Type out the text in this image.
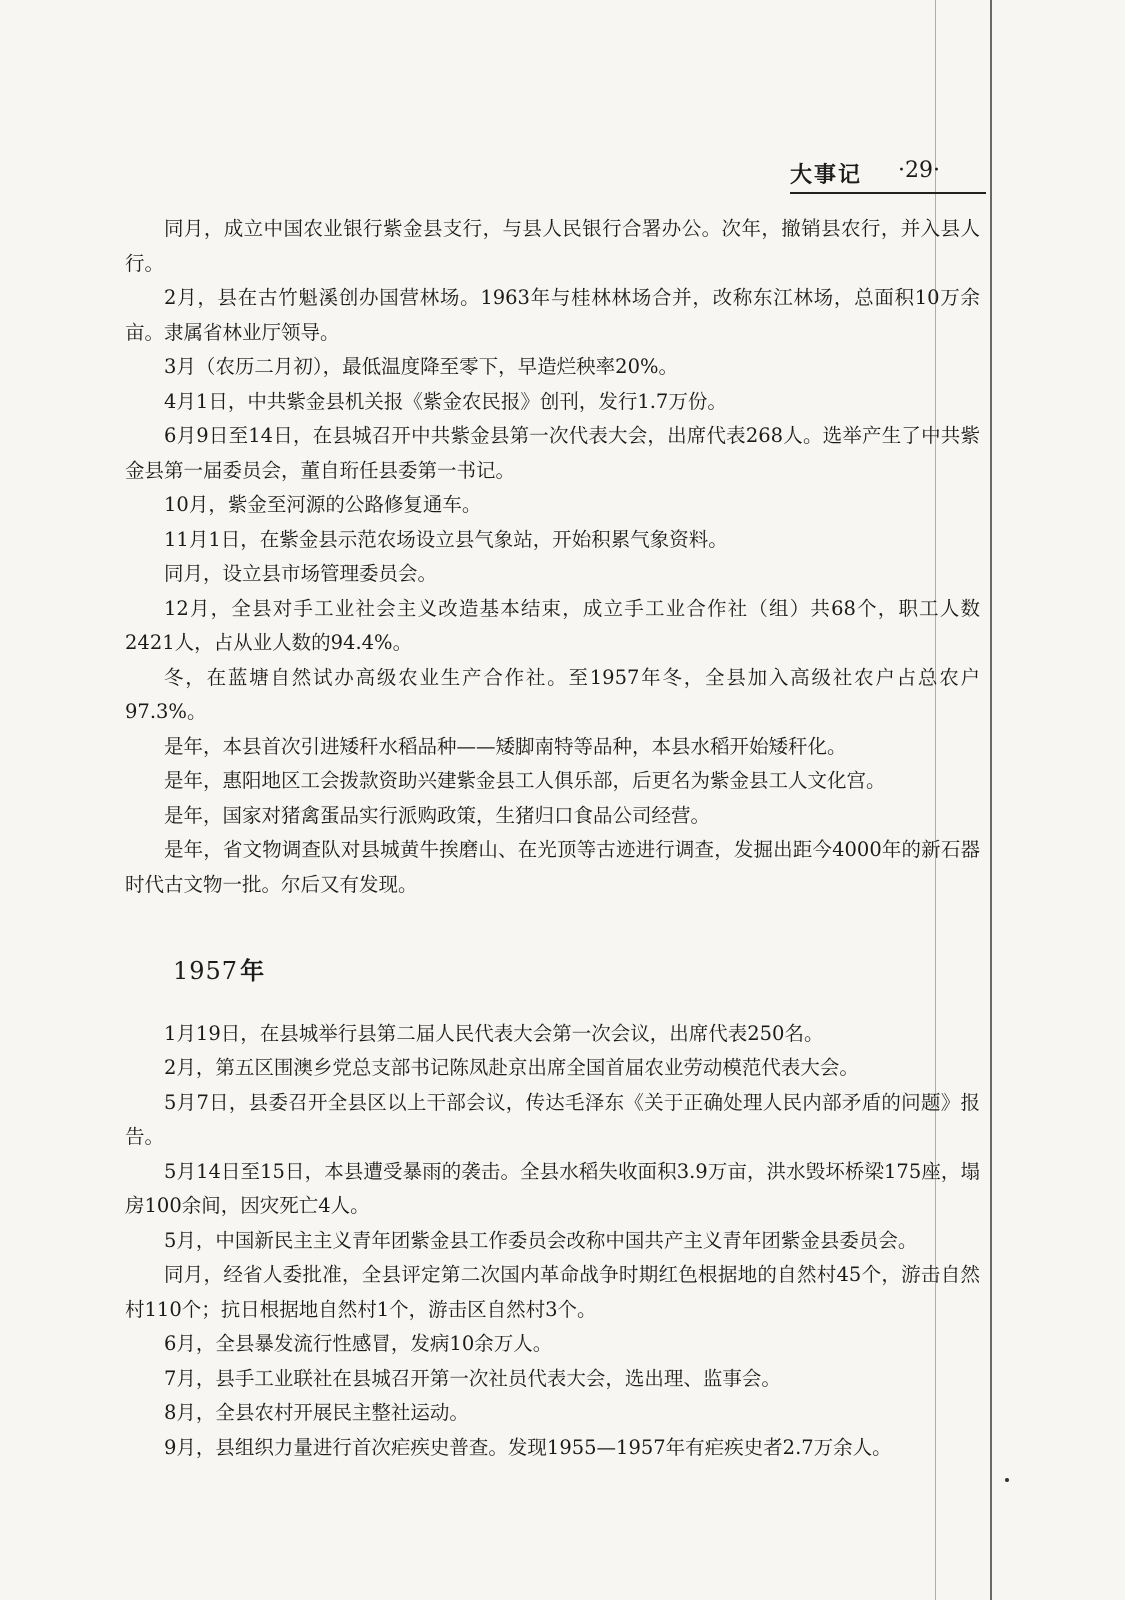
大事记 ·29·

同月，成立中国农业银行紫金县支行，与县人民银行合署办公。次年，撤销县农行，并入县人行。

2月，县在古竹魁溪创办国营林场。1963年与桂林林场合并，改称东江林场，总面积10万余亩。隶属省林业厅领导。

3月（农历二月初），最低温度降至零下，早造烂秧率20%。

4月1日，中共紫金县机关报《紫金农民报》创刊，发行1.7万份。

6月9日至14日，在县城召开中共紫金县第一次代表大会，出席代表268人。选举产生了中共紫金县第一届委员会，董自珩任县委第一书记。

10月，紫金至河源的公路修复通车。

11月1日，在紫金县示范农场设立县气象站，开始积累气象资料。

同月，设立县市场管理委员会。

12月，全县对手工业社会主义改造基本结束，成立手工业合作社（组）共68个，职工人数2421人，占从业人数的94.4%。

冬，在蓝塘自然试办高级农业生产合作社。至1957年冬，全县加入高级社农户占总农户97.3%。

是年，本县首次引进矮秆水稻品种——矮脚南特等品种，本县水稻开始矮秆化。

是年，惠阳地区工会拨款资助兴建紫金县工人俱乐部，后更名为紫金县工人文化宫。

是年，国家对猪禽蛋品实行派购政策，生猪归口食品公司经营。

是年，省文物调查队对县城黄牛挨磨山、在光顶等古迹进行调查，发掘出距今4000年的新石器时代古文物一批。尔后又有发现。

1957年

1月19日，在县城举行县第二届人民代表大会第一次会议，出席代表250名。

2月，第五区围澳乡党总支部书记陈凤赴京出席全国首届农业劳动模范代表大会。

5月7日，县委召开全县区以上干部会议，传达毛泽东《关于正确处理人民内部矛盾的问题》报告。

5月14日至15日，本县遭受暴雨的袭击。全县水稻失收面积3.9万亩，洪水毁坏桥梁175座，塌房100余间，因灾死亡4人。

5月，中国新民主主义青年团紫金县工作委员会改称中国共产主义青年团紫金县委员会。

同月，经省人委批准，全县评定第二次国内革命战争时期红色根据地的自然村45个，游击自然村110个；抗日根据地自然村1个，游击区自然村3个。

6月，全县暴发流行性感冒，发病10余万人。

7月，县手工业联社在县城召开第一次社员代表大会，选出理、监事会。

8月，全县农村开展民主整社运动。

9月，县组织力量进行首次疟疾史普查。发现1955—1957年有疟疾史者2.7万余人。
